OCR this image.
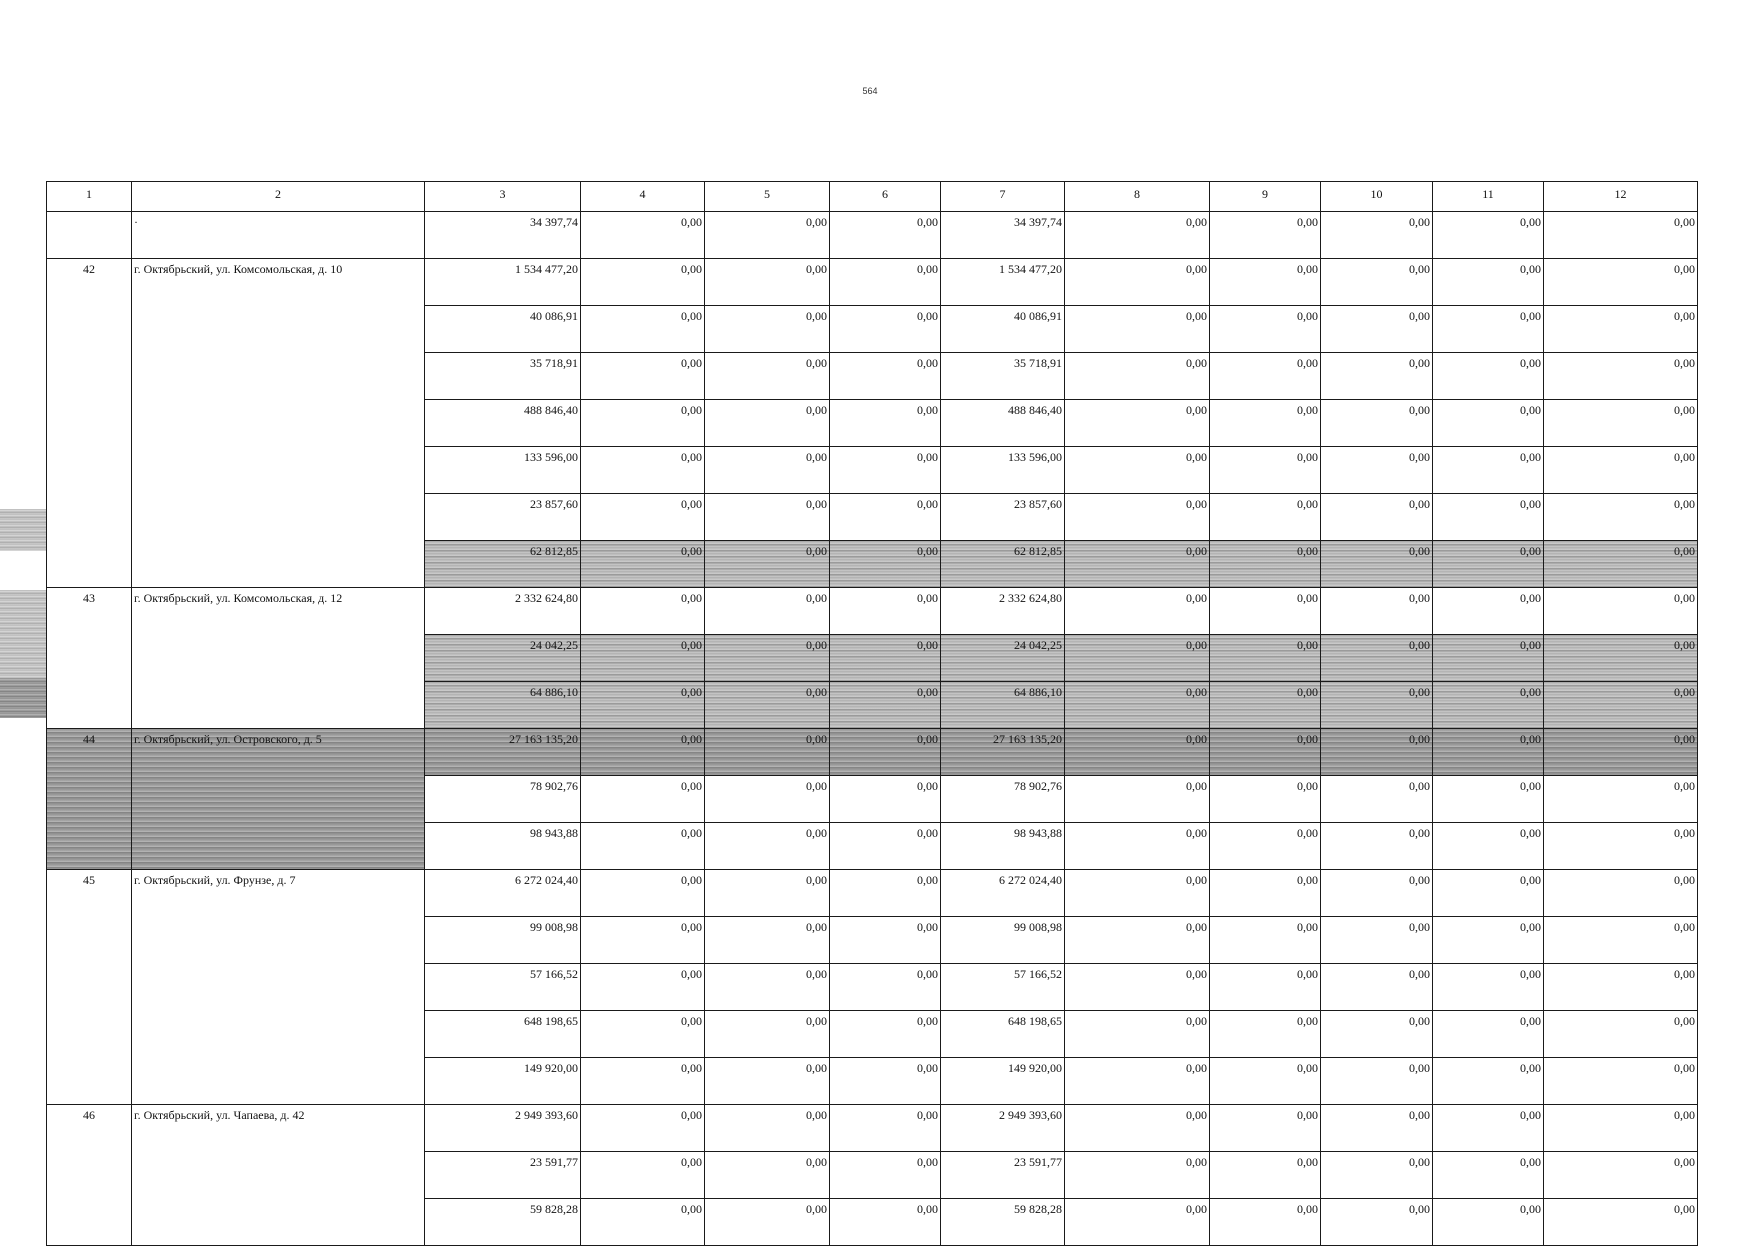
564
1	2	3	4	5	6	7	8	9	10	11	12
	·	34 397,74	0,00	0,00	0,00	34 397,74	0,00	0,00	0,00	0,00	0,00
42	г. Октябрьский, ул. Комсомольская, д. 10	1 534 477,20	0,00	0,00	0,00	1 534 477,20	0,00	0,00	0,00	0,00	0,00
		40 086,91	0,00	0,00	0,00	40 086,91	0,00	0,00	0,00	0,00	0,00
		35 718,91	0,00	0,00	0,00	35 718,91	0,00	0,00	0,00	0,00	0,00
		488 846,40	0,00	0,00	0,00	488 846,40	0,00	0,00	0,00	0,00	0,00
		133 596,00	0,00	0,00	0,00	133 596,00	0,00	0,00	0,00	0,00	0,00
		23 857,60	0,00	0,00	0,00	23 857,60	0,00	0,00	0,00	0,00	0,00
		62 812,85	0,00	0,00	0,00	62 812,85	0,00	0,00	0,00	0,00	0,00
43	г. Октябрьский, ул. Комсомольская, д. 12	2 332 624,80	0,00	0,00	0,00	2 332 624,80	0,00	0,00	0,00	0,00	0,00
		24 042,25	0,00	0,00	0,00	24 042,25	0,00	0,00	0,00	0,00	0,00
		64 886,10	0,00	0,00	0,00	64 886,10	0,00	0,00	0,00	0,00	0,00
44	г. Октябрьский, ул. Островского, д. 5	27 163 135,20	0,00	0,00	0,00	27 163 135,20	0,00	0,00	0,00	0,00	0,00
		78 902,76	0,00	0,00	0,00	78 902,76	0,00	0,00	0,00	0,00	0,00
		98 943,88	0,00	0,00	0,00	98 943,88	0,00	0,00	0,00	0,00	0,00
45	г. Октябрьский, ул. Фрунзе, д. 7	6 272 024,40	0,00	0,00	0,00	6 272 024,40	0,00	0,00	0,00	0,00	0,00
		99 008,98	0,00	0,00	0,00	99 008,98	0,00	0,00	0,00	0,00	0,00
		57 166,52	0,00	0,00	0,00	57 166,52	0,00	0,00	0,00	0,00	0,00
		648 198,65	0,00	0,00	0,00	648 198,65	0,00	0,00	0,00	0,00	0,00
		149 920,00	0,00	0,00	0,00	149 920,00	0,00	0,00	0,00	0,00	0,00
46	г. Октябрьский, ул. Чапаева, д. 42	2 949 393,60	0,00	0,00	0,00	2 949 393,60	0,00	0,00	0,00	0,00	0,00
		23 591,77	0,00	0,00	0,00	23 591,77	0,00	0,00	0,00	0,00	0,00
		59 828,28	0,00	0,00	0,00	59 828,28	0,00	0,00	0,00	0,00	0,00
